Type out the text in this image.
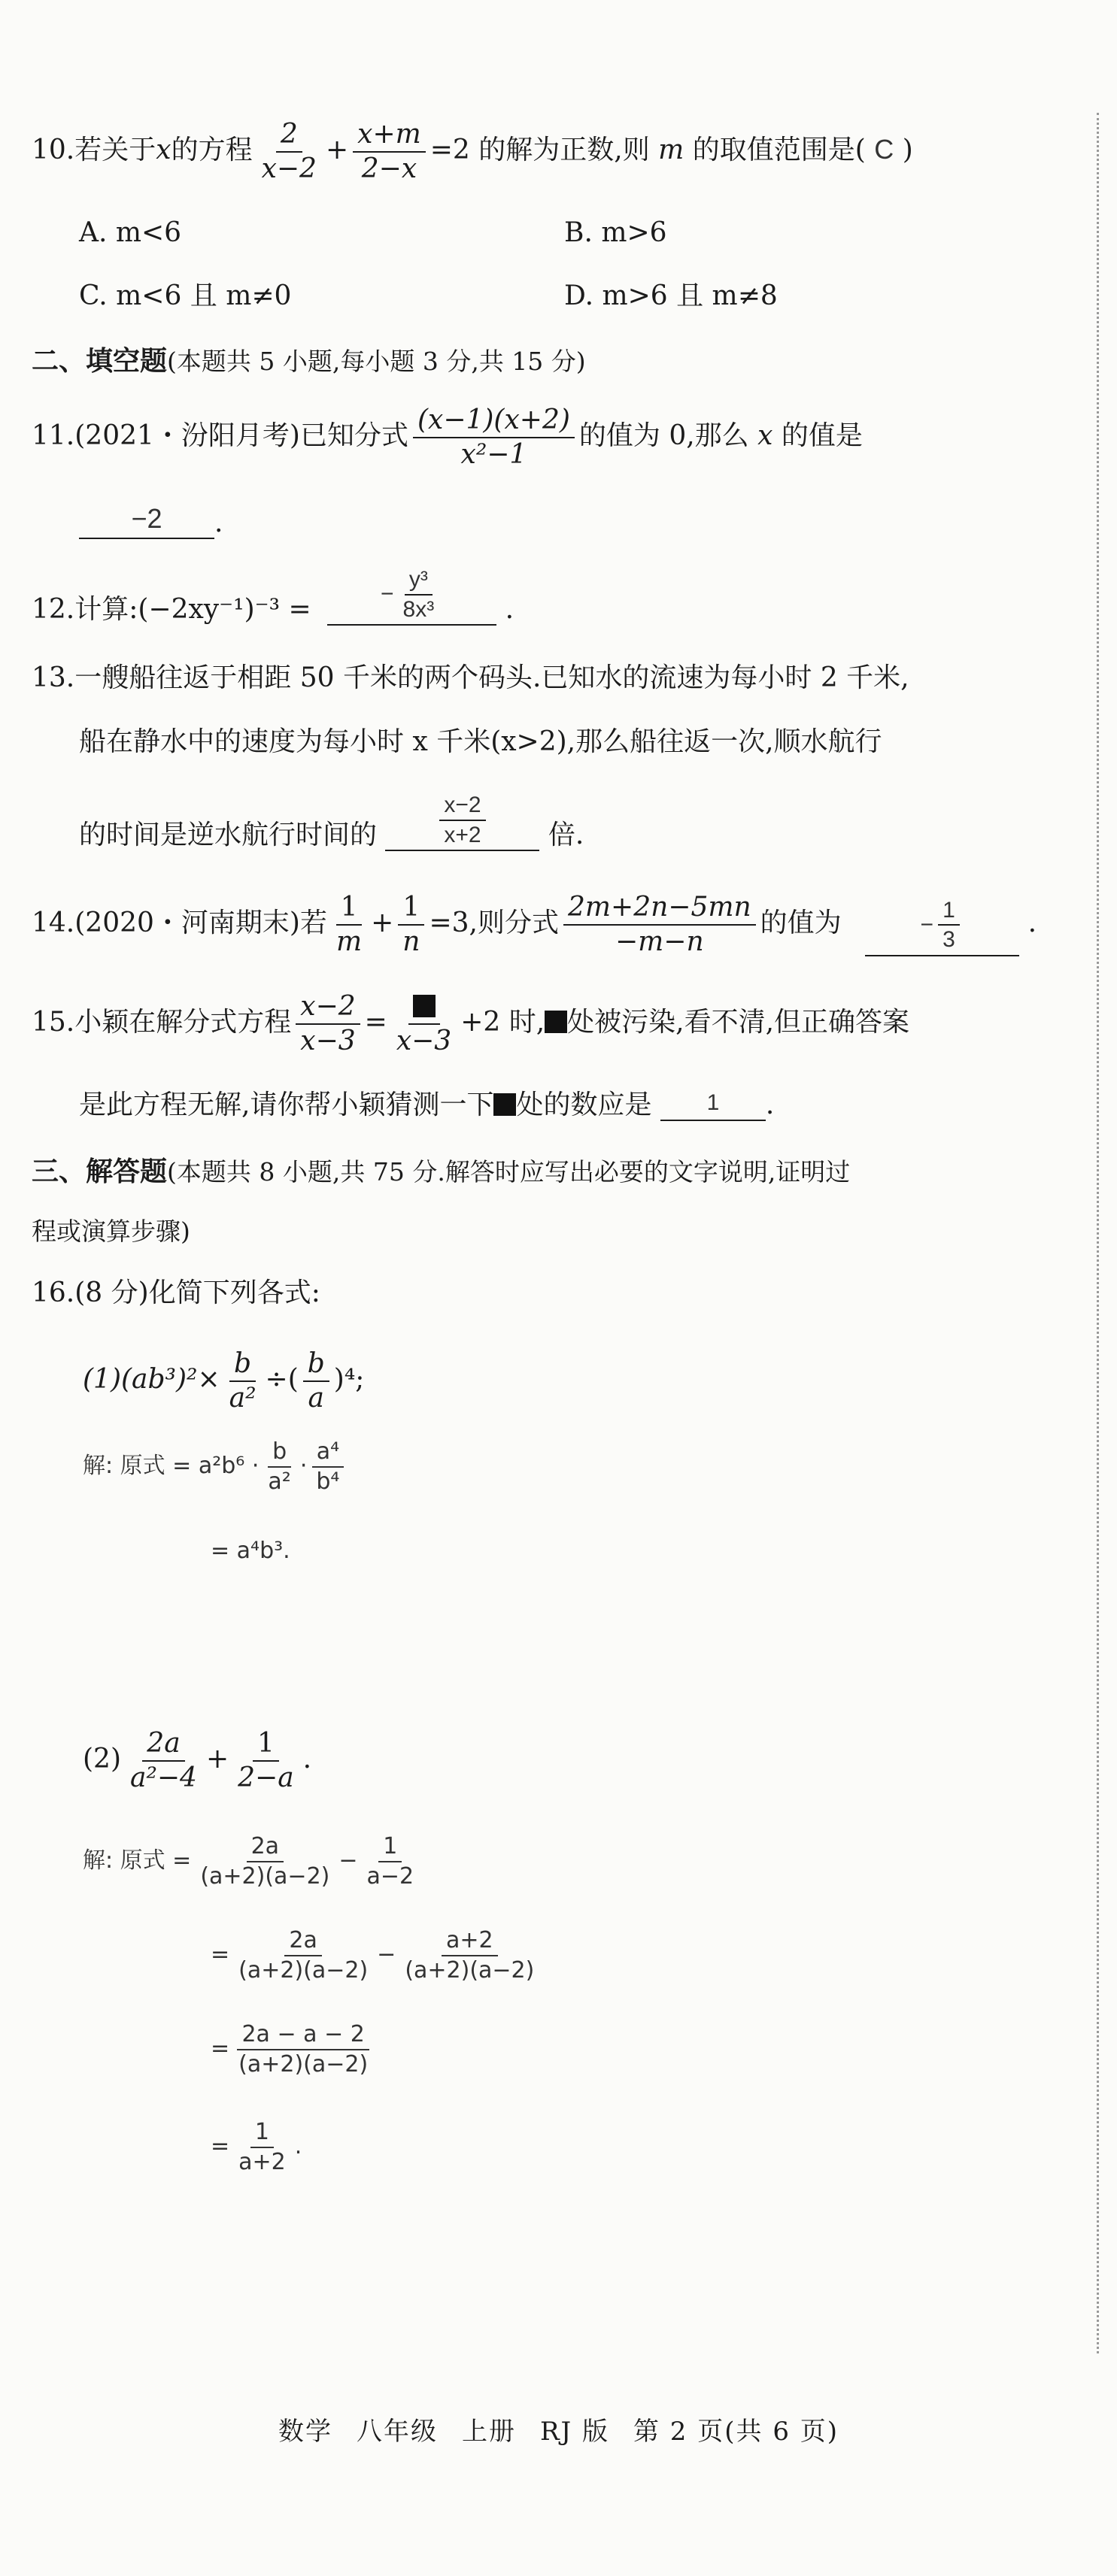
10.若关于x的方程 $\frac{2}{x-2} + \frac{x+m}{2-x} =2$ 的解为正数,则 m 的取值范围是( C )
A. m<6	B. m>6
C. m<6 且 m≠0	D. m>6 且 m≠8
二、填空题(本题共 5 小题,每小题 3 分,共 15 分)
11.(2021・汾阳月考)已知分式 $\frac{(x-1)(x+2)}{\text{x²−1}}$ 的值为 0,那么 x 的值是
−2 .
12.计算:(−2xy⁻¹)⁻³ =	− $\frac{\text{y³}}{\text{8x³}}$ .
13.一艘船往返于相距 50 千米的两个码头.已知水的流速为每小时 2 千米,
船在静水中的速度为每小时 x 千米(x>2),那么船往返一次,顺水航行
的时间是逆水航行时间的	$\frac{x-2}{x+2}$ 倍.
14.(2020・河南期末)若 $\frac{1}{m} + \frac{1}{n} =3$,则分式 $\frac{2m+2n-5mn}{-m-n}$ 的值为	− $\frac{1}{3}$	.
15.小颖在解分式方程 $\frac{x-2}{x-3}$ =
x−3
+2 时, 处被污染,看不清,但正确答案
是此方程无解,请你帮小颖猜测一下 处的数应是 1 .
三、解答题(本题共 8 小题,共 75 分.解答时应写出必要的文字说明,证明过
程或演算步骤)
16.(8 分)化简下列各式:
$(1)(ab^3)^2\times \frac{b}{\text{a²}}$ ÷( $\frac{b}{a} )^4$;
解: 原式 = $a^2b^6 \cdot \frac{b}{\text{a²}} \cdot \frac{\text{a⁴}}{\text{b⁴}}$
= a⁴b³.
$(2) \frac{2a}{\text{a²−4}} + \frac{1}{2-a}$ .
解: 原式 = $\frac{2a}{(a+2)(a-2)} - \frac{1}{a-2}$
= $\frac{2a}{(a+2)(a-2)} - \frac{a+2}{(a+2)(a-2)}$
= $\frac{2a - a - 2}{(a+2)(a-2)}$
= $\frac{1}{a+2}$ .
数学 八年级 上册 RJ 版 第 2 页(共 6 页)
